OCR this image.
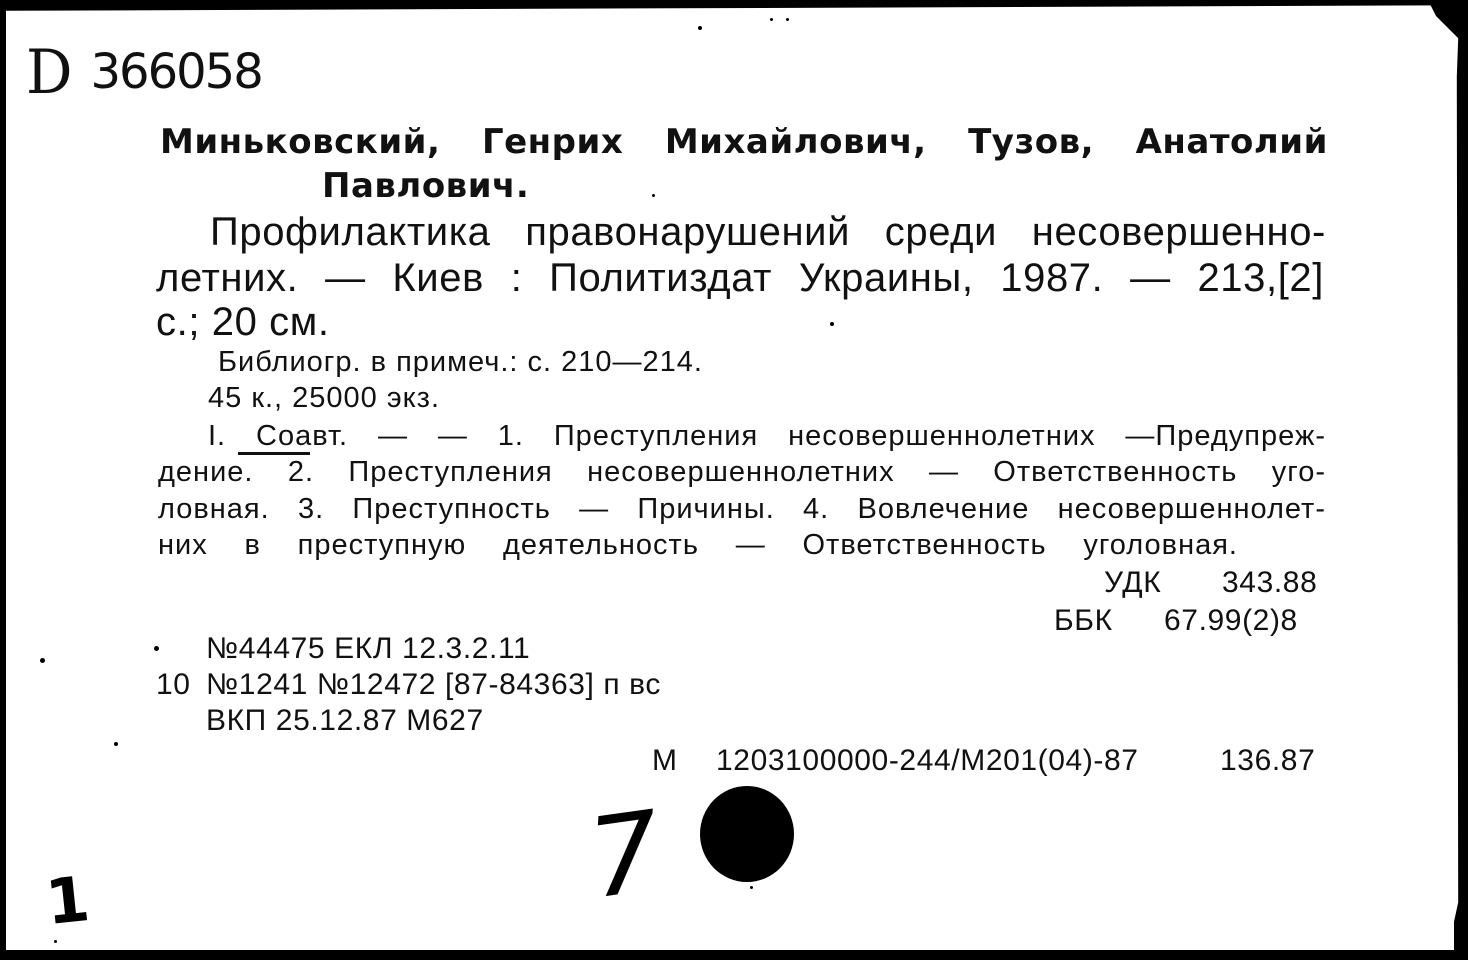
D 366058
Миньковский, Генрих Михайлович, Тузов, Анатолий
Павлович.
Профилактика правонарушений среди несовершенно-
летних. — Киев : Политиздат Украины, 1987. — 213,[2]
с.; 20 см.
Библиогр. в примеч.: с. 210—214.
45 к., 25000 экз.
I. Соавт. — — 1. Преступления несовершеннолетних —Предупреж-
дение. 2. Преступления несовершеннолетних — Ответственность уго-
ловная. 3. Преступность — Причины. 4. Вовлечение несовершеннолет-
них в преступную деятельность — Ответственность уголовная.
УДК 343.88
ББК 67.99(2)8
№44475 ЕКЛ 12.3.2.11
10 №1241 №12472 [87-84363] п вс
ВКП 25.12.87 М627
М 1203100000-244/М201(04)-87	136.87
7
1
